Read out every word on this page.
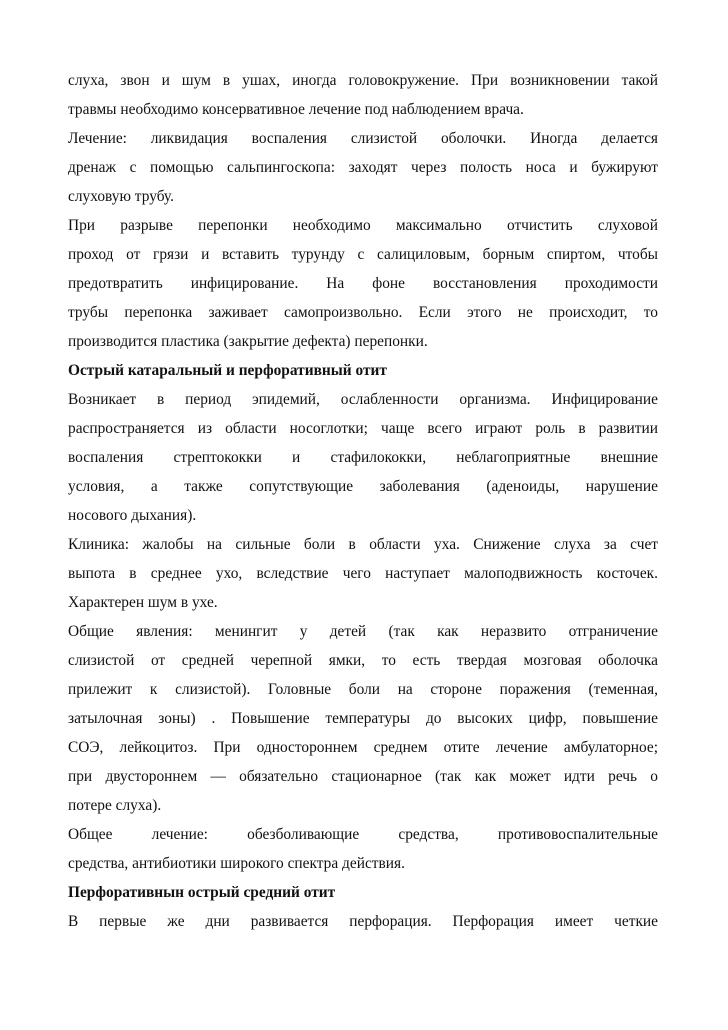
слуха, звон и шум в ушах, иногда головокружение. При возникновении такой
травмы необходимо консервативное лечение под наблюдением врача.
Лечение: ликвидация воспаления слизистой оболочки. Иногда делается
дренаж с помощью сальпингоскопа: заходят через полость носа и бужируют
слуховую трубу.
При разрыве перепонки необходимо максимально отчистить слуховой
проход от грязи и вставить турунду с салициловым, борным спиртом, чтобы
предотвратить инфицирование. На фоне восстановления проходимости
трубы перепонка заживает самопроизвольно. Если этого не происходит, то
производится пластика (закрытие дефекта) перепонки.
Острый катаральный и перфоративный отит
Возникает в период эпидемий, ослабленности организма. Инфицирование
распространяется из области носоглотки; чаще всего играют роль в развитии
воспаления стрептококки и стафилококки, неблагоприятные внешние
условия, а также сопутствующие заболевания (аденоиды, нарушение
носового дыхания).
Клиника: жалобы на сильные боли в области уха. Снижение слуха за счет
выпота в среднее ухо, вследствие чего наступает малоподвижность косточек.
Характерен шум в ухе.
Общие явления: менингит у детей (так как неразвито отграничение
слизистой от средней черепной ямки, то есть твердая мозговая оболочка
прилежит к слизистой). Головные боли на стороне поражения (теменная,
затылочная зоны) . Повышение температуры до высоких цифр, повышение
СОЭ, лейкоцитоз. При одностороннем среднем отите лечение амбулаторное;
при двустороннем — обязательно стационарное (так как может идти речь о
потере слуха).
Общее лечение: обезболивающие средства, противовоспалительные
средства, антибиотики широкого спектра действия.
Перфоративнын острый средний отит
В первые же дни развивается перфорация. Перфорация имеет четкие
